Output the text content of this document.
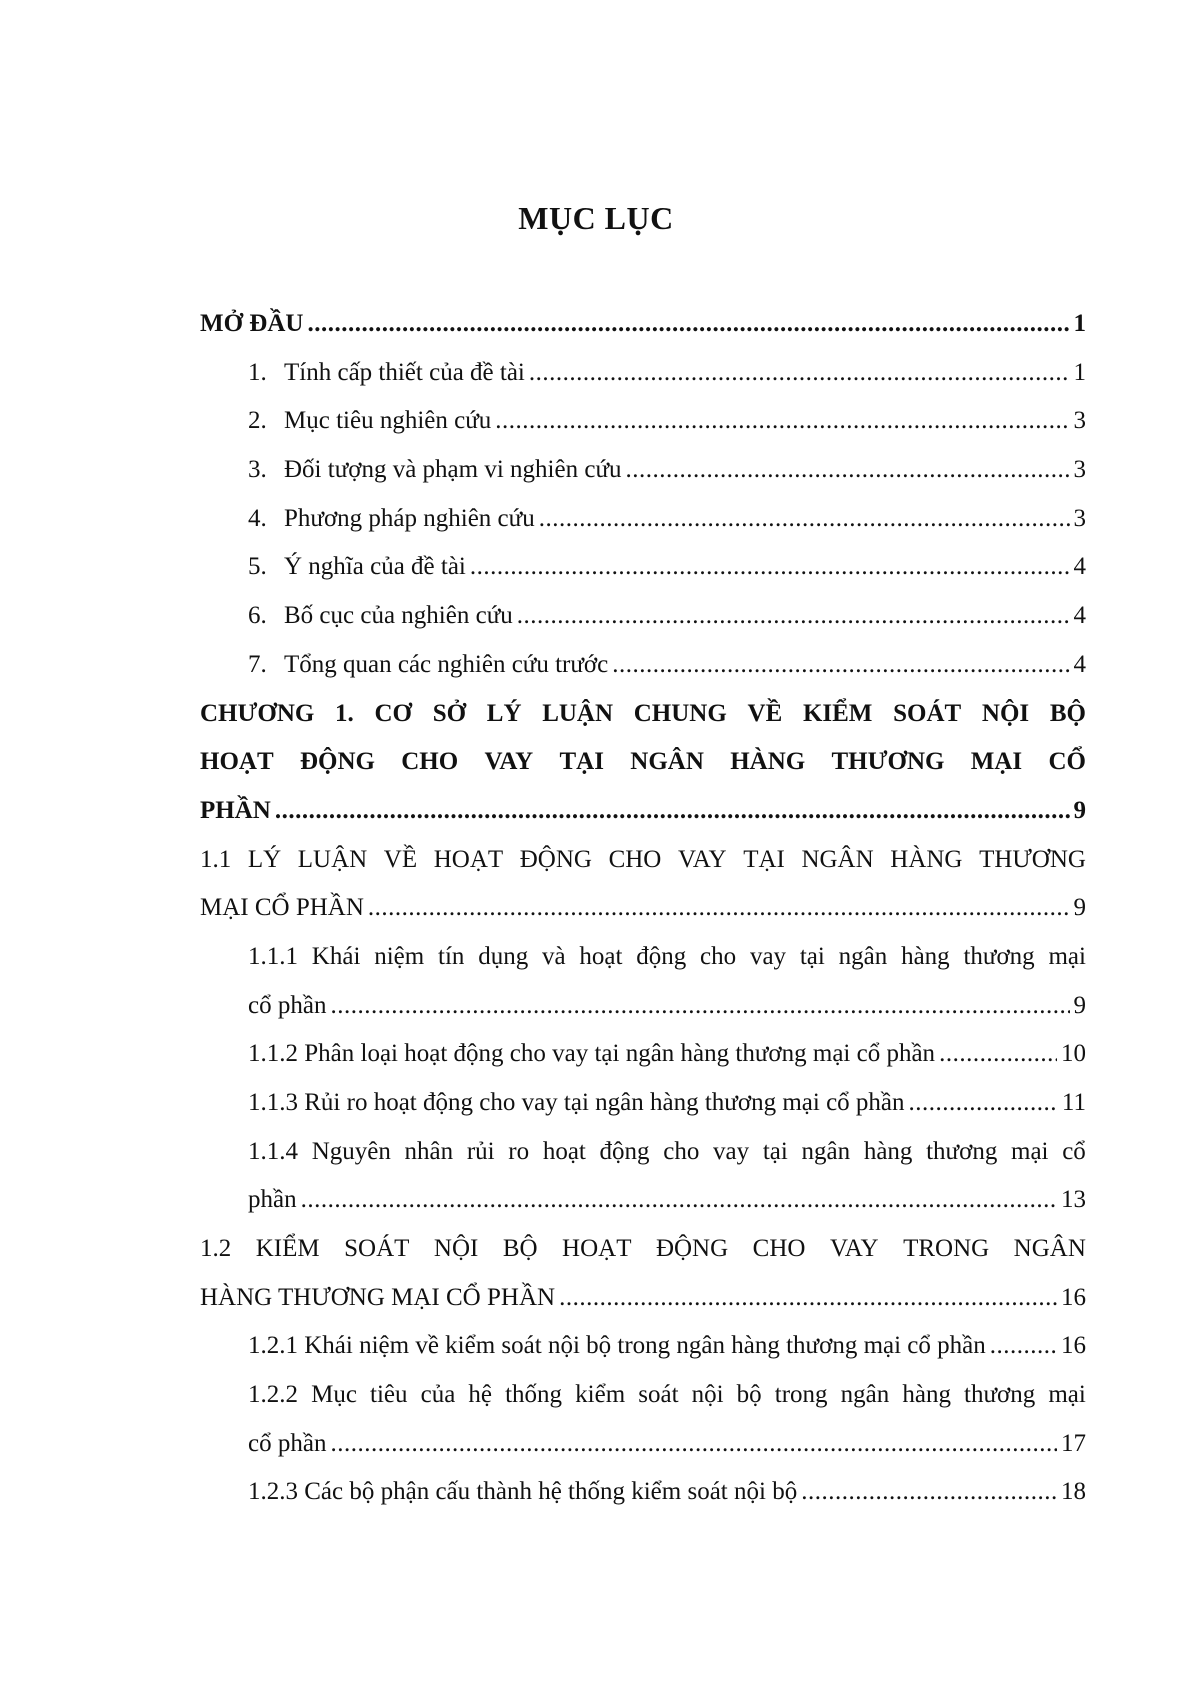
MỤC LỤC
MỞ ĐẦU .....	1
1. Tính cấp thiết của đề tài .....	1
2. Mục tiêu nghiên cứu .....	3
3. Đối tượng và phạm vi nghiên cứu .....	3
4. Phương pháp nghiên cứu .....	3
5. Ý nghĩa của đề tài .....	4
6. Bố cục của nghiên cứu .....	4
7. Tổng quan các nghiên cứu trước .....	4
CHƯƠNG 1. CƠ SỞ LÝ LUẬN CHUNG VỀ KIỂM SOÁT NỘI BỘ
HOẠT ĐỘNG CHO VAY TẠI NGÂN HÀNG THƯƠNG MẠI CỔ
PHẦN .....	9
1.1 LÝ LUẬN VỀ HOẠT ĐỘNG CHO VAY TẠI NGÂN HÀNG THƯƠNG
MẠI CỔ PHẦN .....	9
1.1.1 Khái niệm tín dụng và hoạt động cho vay tại ngân hàng thương mại
cổ phần .....	9
1.1.2 Phân loại hoạt động cho vay tại ngân hàng thương mại cổ phần .....	10
1.1.3 Rủi ro hoạt động cho vay tại ngân hàng thương mại cổ phần .....	11
1.1.4 Nguyên nhân rủi ro hoạt động cho vay tại ngân hàng thương mại cổ
phần .....	13
1.2 KIỂM SOÁT NỘI BỘ HOẠT ĐỘNG CHO VAY TRONG NGÂN
HÀNG THƯƠNG MẠI CỔ PHẦN .....	16
1.2.1 Khái niệm về kiểm soát nội bộ trong ngân hàng thương mại cổ phần .....	16
1.2.2 Mục tiêu của hệ thống kiểm soát nội bộ trong ngân hàng thương mại
cổ phần .....	17
1.2.3 Các bộ phận cấu thành hệ thống kiểm soát nội bộ .....	18
